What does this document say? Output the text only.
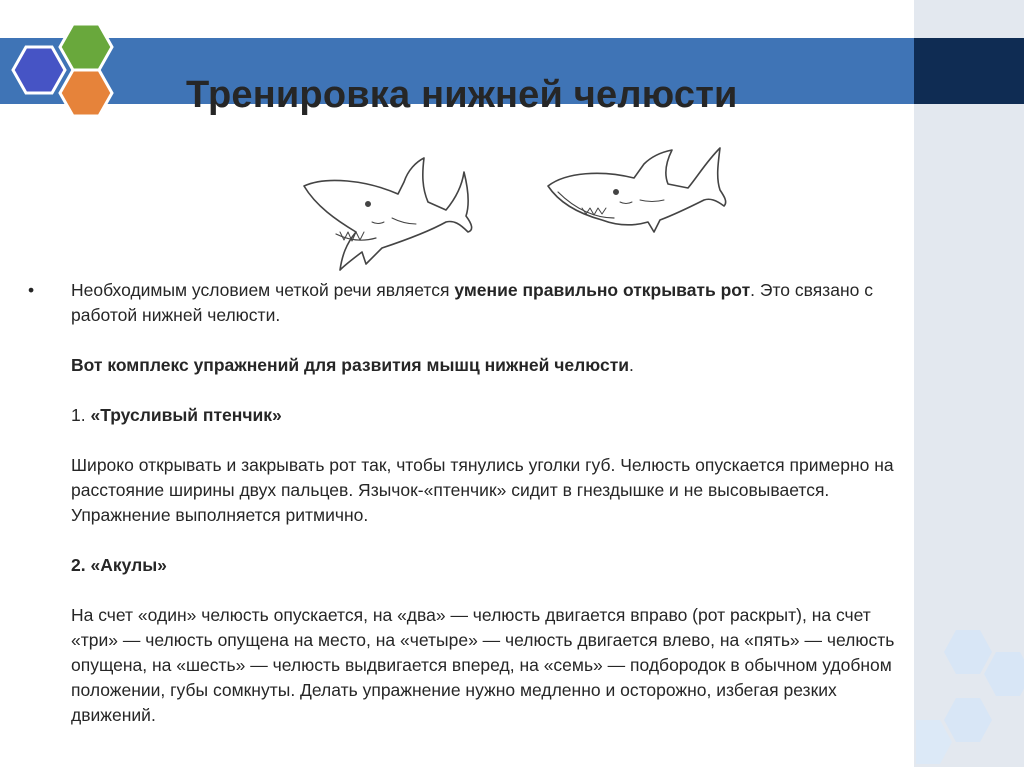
Тренировка нижней челюсти
•	Необходимым условием четкой речи является умение правильно открывать рот. Это связано с работой нижней челюсти.

Вот комплекс упражнений для развития мышц нижней челюсти.

1. «Трусливый птенчик»

Широко открывать и закрывать рот так, чтобы тянулись уголки губ. Челюсть опускается примерно на расстояние ширины двух пальцев. Язычок-«птенчик» сидит в гнездышке и не высовывается. Упражнение выполняется ритмично.

2. «Акулы»

На счет «один» челюсть опускается, на «два» — челюсть двигается вправо (рот раскрыт), на счет «три» — челюсть опущена на место, на «четыре» — челюсть двигается влево, на «пять» — челюсть опущена, на «шесть» — челюсть выдвигается вперед, на «семь» — подбородок в обычном удобном положении, губы сомкнуты. Делать упражнение нужно медленно и осторожно, избегая резких движений.
